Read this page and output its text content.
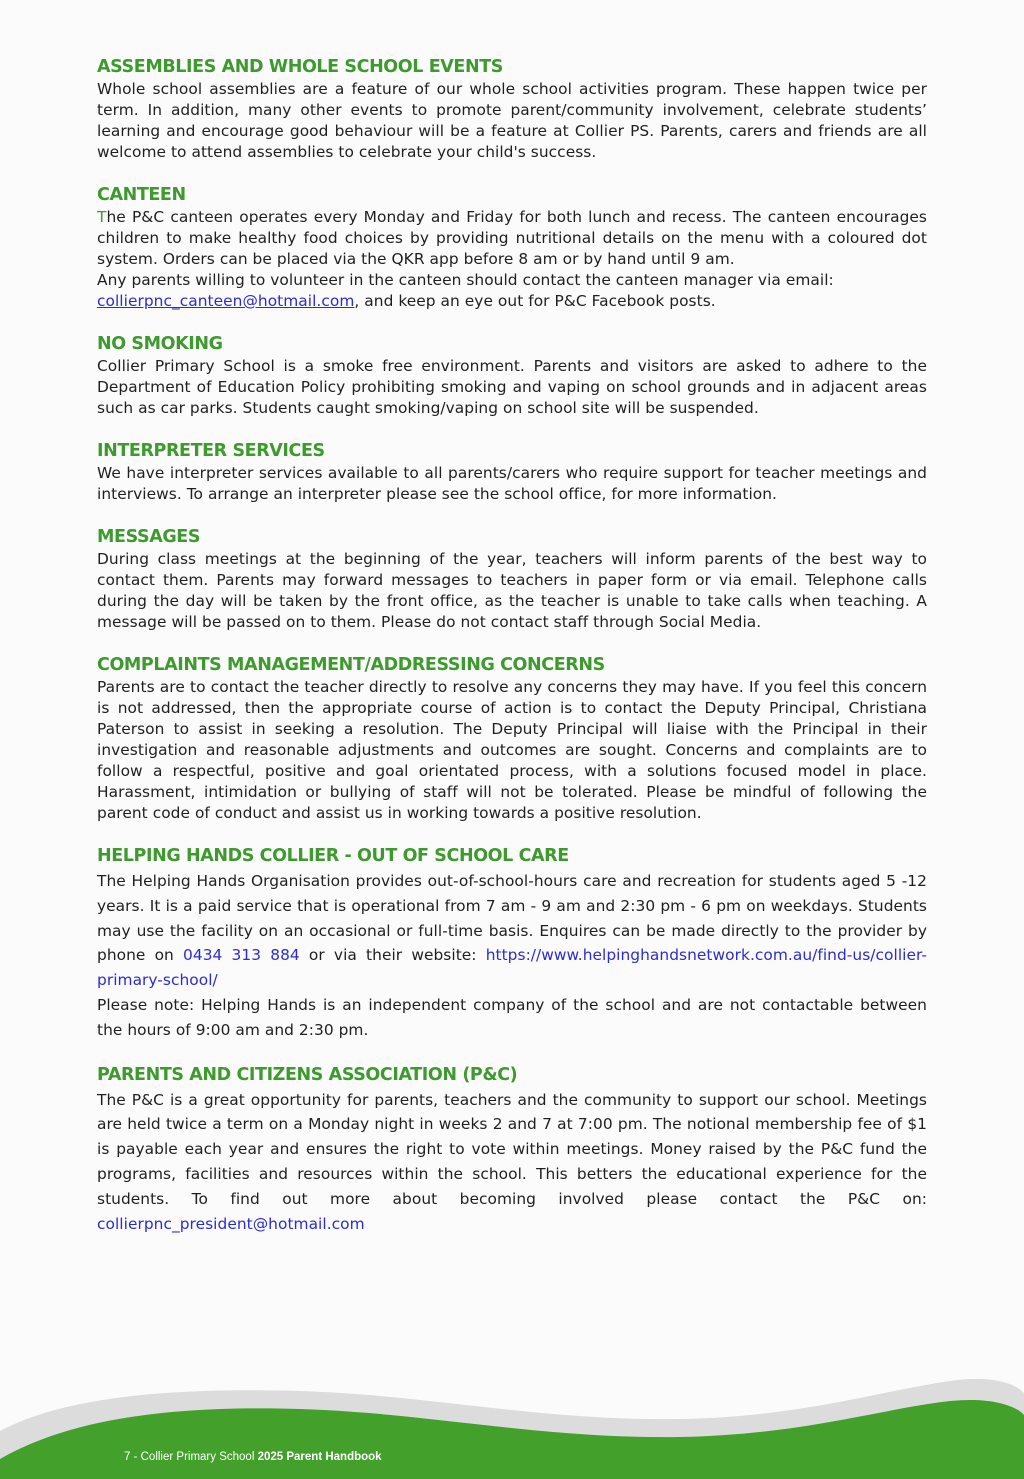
ASSEMBLIES AND WHOLE SCHOOL EVENTS

Whole school assemblies are a feature of our whole school activities program. These happen twice per term. In addition, many other events to promote parent/community involvement, celebrate students’ learning and encourage good behaviour will be a feature at Collier PS. Parents, carers and friends are all welcome to attend assemblies to celebrate your child's success.

CANTEEN

The P&C canteen operates every Monday and Friday for both lunch and recess. The canteen encourages children to make healthy food choices by providing nutritional details on the menu with a coloured dot system. Orders can be placed via the QKR app before 8 am or by hand until 9 am.

Any parents willing to volunteer in the canteen should contact the canteen manager via email:
collierpnc_canteen@hotmail.com, and keep an eye out for P&C Facebook posts.

NO SMOKING

Collier Primary School is a smoke free environment. Parents and visitors are asked to adhere to the Department of Education Policy prohibiting smoking and vaping on school grounds and in adjacent areas such as car parks. Students caught smoking/vaping on school site will be suspended.

INTERPRETER SERVICES

We have interpreter services available to all parents/carers who require support for teacher meetings and interviews. To arrange an interpreter please see the school office, for more information.

MESSAGES

During class meetings at the beginning of the year, teachers will inform parents of the best way to contact them. Parents may forward messages to teachers in paper form or via email. Telephone calls during the day will be taken by the front office, as the teacher is unable to take calls when teaching. A message will be passed on to them. Please do not contact staff through Social Media.

COMPLAINTS MANAGEMENT/ADDRESSING CONCERNS

Parents are to contact the teacher directly to resolve any concerns they may have. If you feel this concern is not addressed, then the appropriate course of action is to contact the Deputy Principal, Christiana Paterson to assist in seeking a resolution. The Deputy Principal will liaise with the Principal in their investigation and reasonable adjustments and outcomes are sought. Concerns and complaints are to follow a respectful, positive and goal orientated process, with a solutions focused model in place. Harassment, intimidation or bullying of staff will not be tolerated. Please be mindful of following the parent code of conduct and assist us in working towards a positive resolution.

HELPING HANDS COLLIER - OUT OF SCHOOL CARE

The Helping Hands Organisation provides out-of-school-hours care and recreation for students aged 5 -12 years. It is a paid service that is operational from 7 am - 9 am and 2:30 pm - 6 pm on weekdays. Students may use the facility on an occasional or full-time basis. Enquires can be made directly to the provider by phone on 0434 313 884 or via their website: https://www.helpinghandsnetwork.com.au/find-us/collier-primary-school/

Please note: Helping Hands is an independent company of the school and are not contactable between the hours of 9:00 am and 2:30 pm.

PARENTS AND CITIZENS ASSOCIATION (P&C)

The P&C is a great opportunity for parents, teachers and the community to support our school. Meetings are held twice a term on a Monday night in weeks 2 and 7 at 7:00 pm. The notional membership fee of $1 is payable each year and ensures the right to vote within meetings. Money raised by the P&C fund the programs, facilities and resources within the school. This betters the educational experience for the students. To find out more about becoming involved please contact the P&C on: collierpnc_president@hotmail.com

7 - Collier Primary School 2025 Parent Handbook
